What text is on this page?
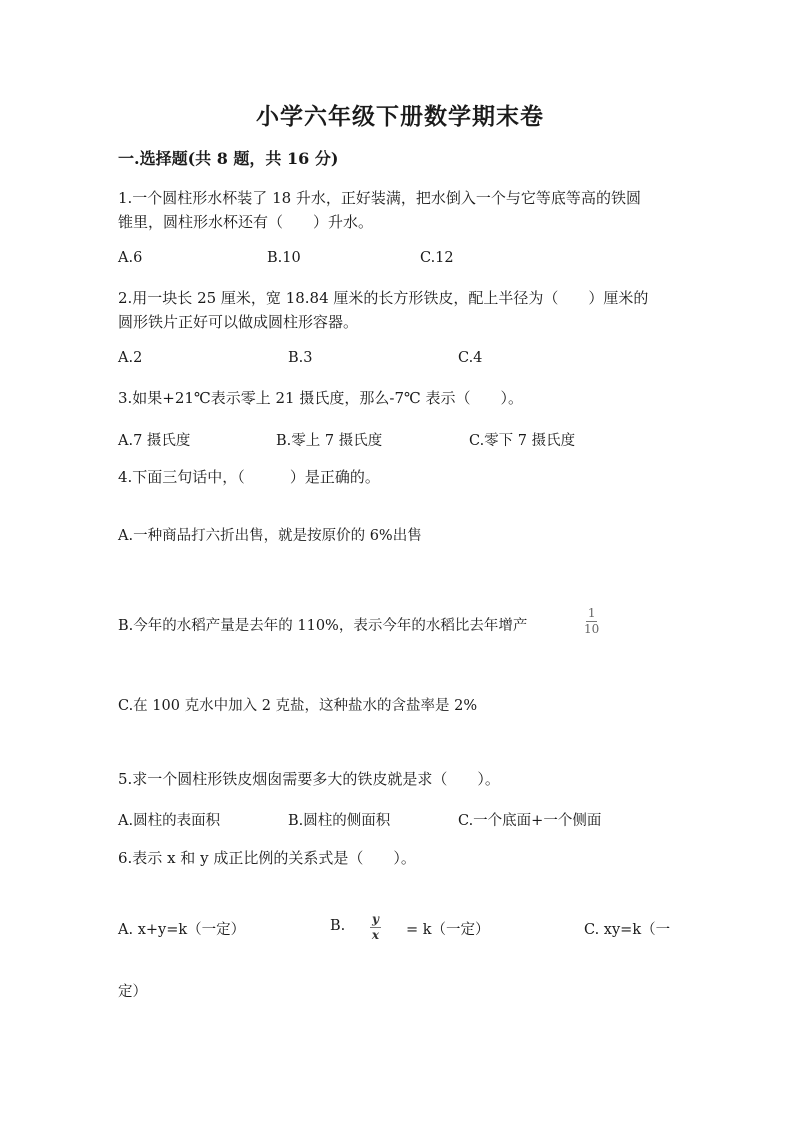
小学六年级下册数学期末卷
一.选择题(共 8 题，共 16 分)
1.一个圆柱形水杯装了 18 升水，正好装满，把水倒入一个与它等底等高的铁圆
锥里，圆柱形水杯还有（　　）升水。
A.6	B.10	C.12
2.用一块长 25 厘米，宽 18.84 厘米的长方形铁皮，配上半径为（　　）厘米的
圆形铁片正好可以做成圆柱形容器。
A.2	B.3	C.4
3.如果+21℃表示零上 21 摄氏度，那么-7℃ 表示（　　）。
A.7 摄氏度	B.零上 7 摄氏度	C.零下 7 摄氏度
4.下面三句话中，（　　　）是正确的。
A.一种商品打六折出售，就是按原价的 6%出售
B.今年的水稻产量是去年的 110%，表示今年的水稻比去年增产	$\frac{1}{10}$
C.在 100 克水中加入 2 克盐，这种盐水的含盐率是 2%
5.求一个圆柱形铁皮烟囱需要多大的铁皮就是求（　　）。
A.圆柱的表面积	B.圆柱的侧面积	C.一个底面+一个侧面
6.表示 x 和 y 成正比例的关系式是（　　）。
A. x+y=k（一定）	B. $\frac{y}{x} = k$（一定）	C. xy=k（一
定）
